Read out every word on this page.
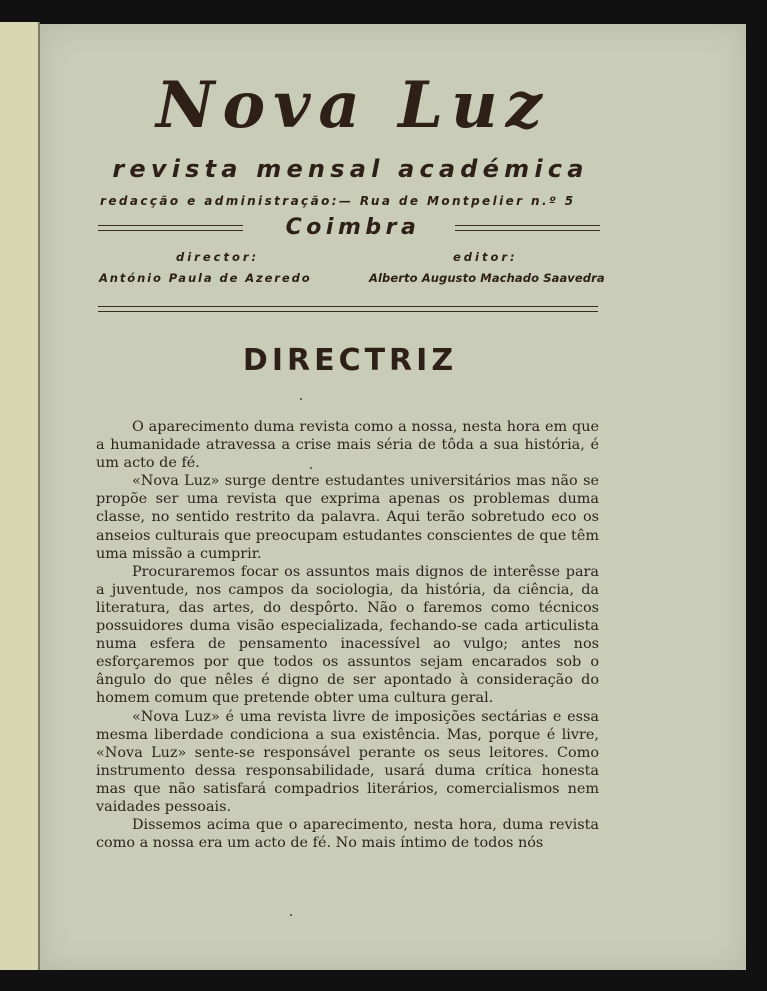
Nova Luz
revista mensal académica
redacção e administração:— Rua de Montpelier n.º 5
Coimbra
director:
António Paula de Azeredo
editor:
Alberto Augusto Machado Saavedra
DIRECTRIZ

O aparecimento duma revista como a nossa, nesta hora em que a humanidade atravessa a crise mais séria de tôda a sua história, é um acto de fé.

«Nova Luz» surge dentre estudantes universitários mas não se propõe ser uma revista que exprima apenas os problemas duma classe, no sentido restrito da palavra. Aqui terão sobretudo eco os anseios culturais que preocupam estudantes conscientes de que têm uma missão a cumprir.

Procuraremos focar os assuntos mais dignos de interêsse para a juventude, nos campos da sociologia, da história, da ciência, da literatura, das artes, do despôrto. Não o faremos como técnicos possuidores duma visão especializada, fechando-se cada articulista numa esfera de pensamento inacessível ao vulgo; antes nos esforçaremos por que todos os assuntos sejam encarados sob o ângulo do que nêles é digno de ser apontado à consideração do homem comum que pretende obter uma cultura geral.

«Nova Luz» é uma revista livre de imposições sectárias e essa mesma liberdade condiciona a sua existência. Mas, porque é livre, «Nova Luz» sente-se responsável perante os seus leitores. Como instrumento dessa responsabilidade, usará duma crítica honesta mas que não satisfará compadrios literários, comercialismos nem vaidades pessoais.

Dissemos acima que o aparecimento, nesta hora, duma revista como a nossa era um acto de fé. No mais íntimo de todos nós
